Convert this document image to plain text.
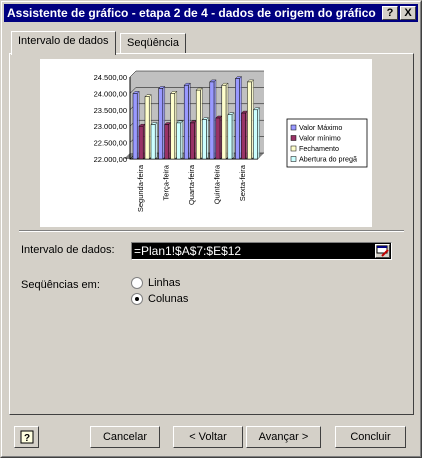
Assistente de gráfico - etapa 2 de 4 - dados de origem do gráfico ? X
Intervalo de dados	Seqüência
22.000,00
22.500,00
23.000,00
23.500,00
24.000,00
24.500,00
Segunda-feira Terça-feira Quarta-feira Quinta-feira Sexta-feira
Valor Máximo
Valor mínimo
Fechamento
Abertura do pregã
Intervalo de dados: =Plan1!$A$7:$E$12
Seqüências em:	Linhas
Colunas
?	Cancelar	< Voltar	Avançar >	Concluir
